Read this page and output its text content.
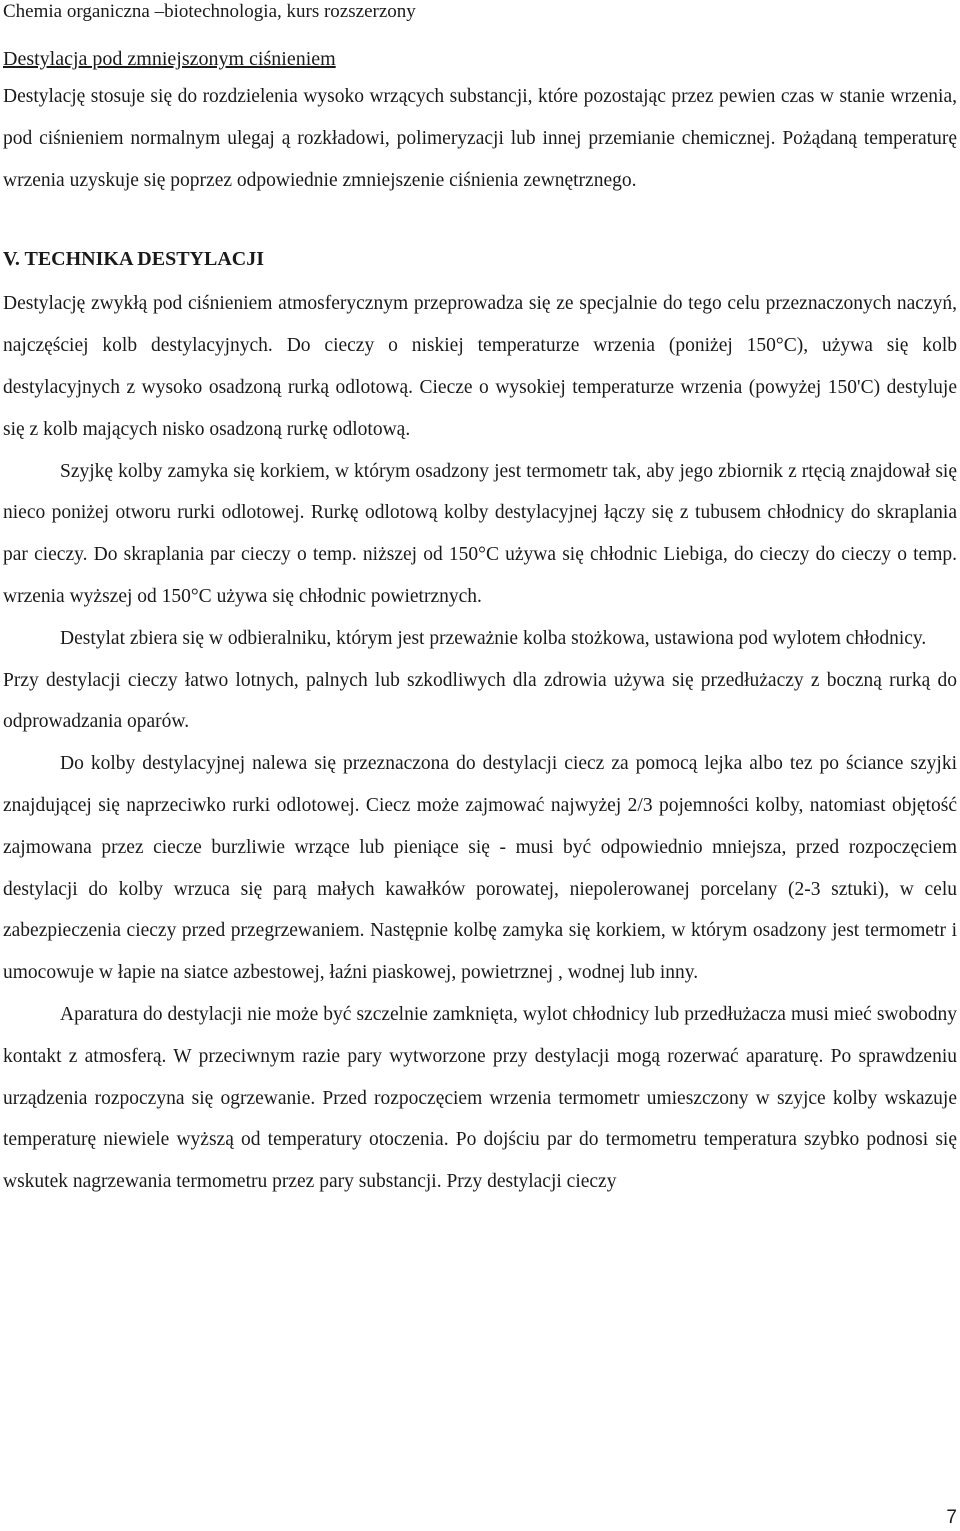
Chemia organiczna –biotechnologia, kurs rozszerzony
Destylacja pod zmniejszonym ciśnieniem

Destylację stosuje się do rozdzielenia wysoko wrzących substancji, które pozostając przez pewien czas w stanie wrzenia, pod ciśnieniem normalnym ulegaj ą rozkładowi, polimeryzacji lub innej przemianie chemicznej. Pożądaną temperaturę wrzenia uzyskuje się poprzez odpowiednie zmniejszenie ciśnienia zewnętrznego.

V. TECHNIKA DESTYLACJI

Destylację zwykłą pod ciśnieniem atmosferycznym przeprowadza się ze specjalnie do tego celu przeznaczonych naczyń, najczęściej kolb destylacyjnych. Do cieczy o niskiej temperaturze wrzenia (poniżej 150°C), używa się kolb destylacyjnych z wysoko osadzoną rurką odlotową. Ciecze o wysokiej temperaturze wrzenia (powyżej 150'C) destyluje się z kolb mających nisko osadzoną rurkę odlotową.

Szyjkę kolby zamyka się korkiem, w którym osadzony jest termometr tak, aby jego zbiornik z rtęcią znajdował się nieco poniżej otworu rurki odlotowej. Rurkę odlotową kolby destylacyjnej łączy się z tubusem chłodnicy do skraplania par cieczy. Do skraplania par cieczy o temp. niższej od 150°C używa się chłodnic Liebiga, do cieczy do cieczy o temp. wrzenia wyższej od 150°C używa się chłodnic powietrznych.

Destylat zbiera się w odbieralniku, którym jest przeważnie kolba stożkowa, ustawiona pod wylotem chłodnicy.

Przy destylacji cieczy łatwo lotnych, palnych lub szkodliwych dla zdrowia używa się przedłużaczy z boczną rurką do odprowadzania oparów.

Do kolby destylacyjnej nalewa się przeznaczona do destylacji ciecz za pomocą lejka albo tez po ściance szyjki znajdującej się naprzeciwko rurki odlotowej. Ciecz może zajmować najwyżej 2/3 pojemności kolby, natomiast objętość zajmowana przez ciecze burzliwie wrzące lub pieniące się - musi być odpowiednio mniejsza, przed rozpoczęciem destylacji do kolby wrzuca się parą małych kawałków porowatej, niepolerowanej porcelany (2-3 sztuki), w celu zabezpieczenia cieczy przed przegrzewaniem. Następnie kolbę zamyka się korkiem, w którym osadzony jest termometr i umocowuje w łapie na siatce azbestowej, łaźni piaskowej, powietrznej , wodnej lub inny.

Aparatura do destylacji nie może być szczelnie zamknięta, wylot chłodnicy lub przedłużacza musi mieć swobodny kontakt z atmosferą. W przeciwnym razie pary wytworzone przy destylacji mogą rozerwać aparaturę. Po sprawdzeniu urządzenia rozpoczyna się ogrzewanie. Przed rozpoczęciem wrzenia termometr umieszczony w szyjce kolby wskazuje temperaturę niewiele wyższą od temperatury otoczenia. Po dojściu par do termometru temperatura szybko podnosi się wskutek nagrzewania termometru przez pary substancji. Przy destylacji cieczy

7
